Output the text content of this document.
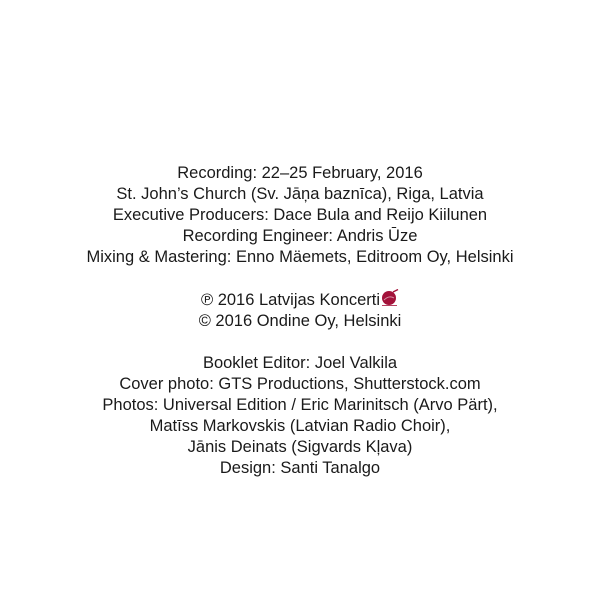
Recording: 22–25 February, 2016
St. John’s Church (Sv. Jāņa baznīca), Riga, Latvia
Executive Producers: Dace Bula and Reijo Kiilunen
Recording Engineer: Andris Ūze
Mixing & Mastering: Enno Mäemets, Editroom Oy, Helsinki
℗ 2016 Latvijas Koncerti
© 2016 Ondine Oy, Helsinki
Booklet Editor: Joel Valkila
Cover photo: GTS Productions, Shutterstock.com
Photos: Universal Edition / Eric Marinitsch (Arvo Pärt),
Matīss Markovskis (Latvian Radio Choir),
Jānis Deinats (Sigvards Kļava)
Design: Santi Tanalgo
